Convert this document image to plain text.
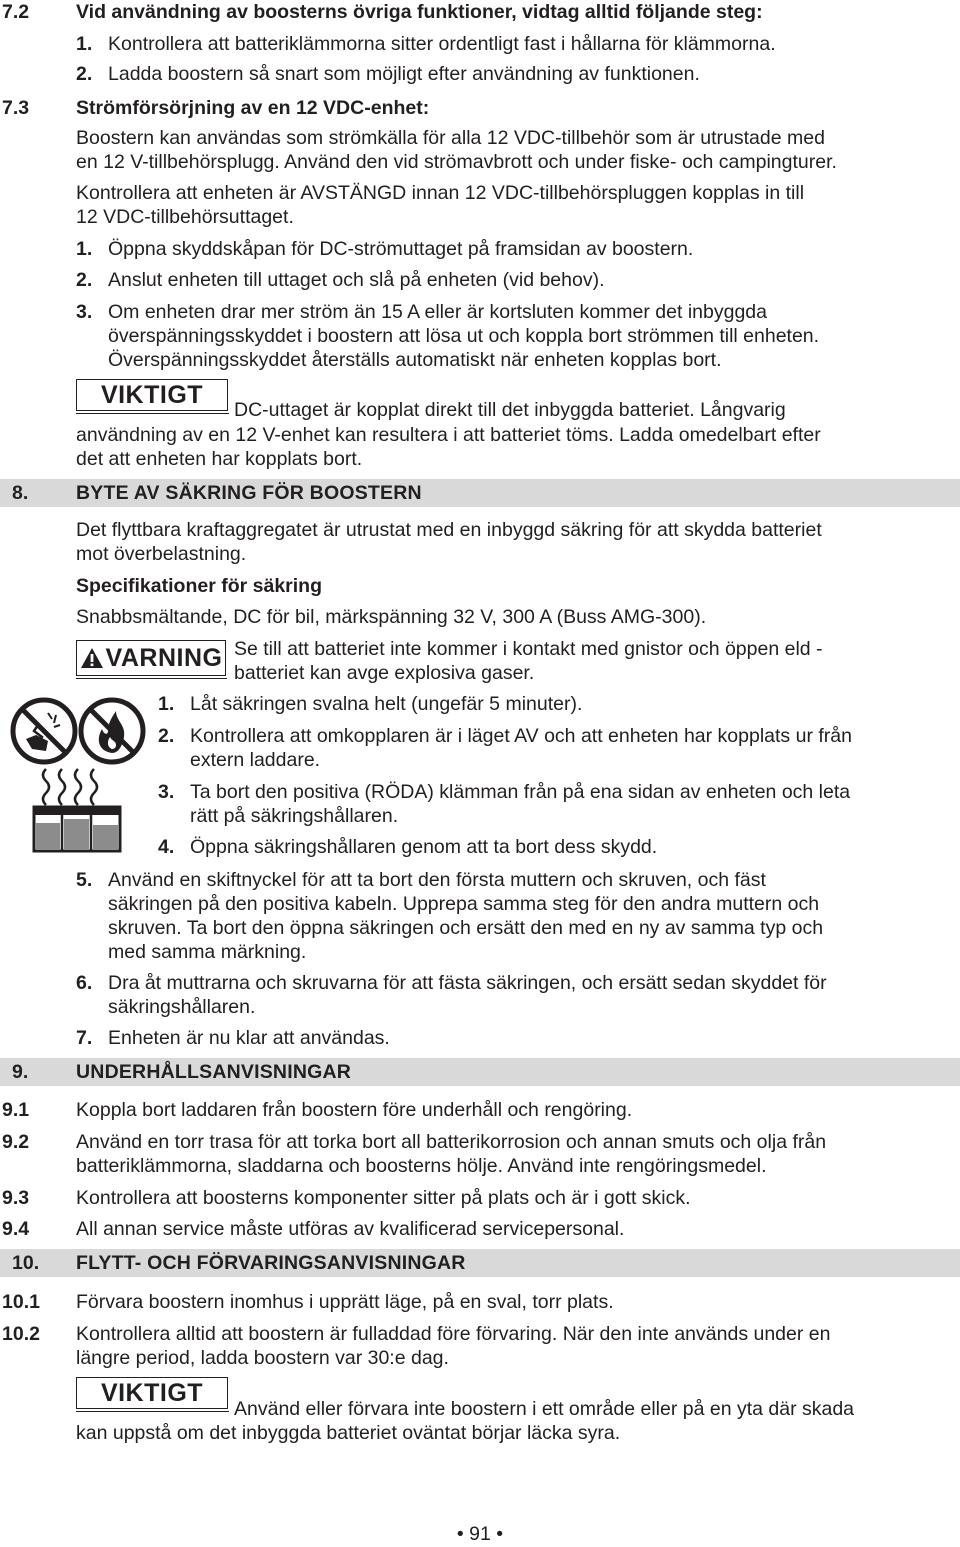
7.2 Vid användning av boosterns övriga funktioner, vidtag alltid följande steg:
1. Kontrollera att batteriklämmorna sitter ordentligt fast i hållarna för klämmorna.
2. Ladda boostern så snart som möjligt efter användning av funktionen.
7.3 Strömförsörjning av en 12 VDC-enhet:
Boostern kan användas som strömkälla för alla 12 VDC-tillbehör som är utrustade med
en 12 V-tillbehörsplugg. Använd den vid strömavbrott och under fiske- och campingturer.
Kontrollera att enheten är AVSTÄNGD innan 12 VDC-tillbehörspluggen kopplas in till
12 VDC-tillbehörsuttaget.
1. Öppna skyddskåpan för DC-strömuttaget på framsidan av boostern.
2. Anslut enheten till uttaget och slå på enheten (vid behov).
3. Om enheten drar mer ström än 15 A eller är kortsluten kommer det inbyggda
överspänningsskyddet i boostern att lösa ut och koppla bort strömmen till enheten.
Överspänningsskyddet återställs automatiskt när enheten kopplas bort.
VIKTIGT
DC-uttaget är kopplat direkt till det inbyggda batteriet. Långvarig
användning av en 12 V-enhet kan resultera i att batteriet töms. Ladda omedelbart efter
det att enheten har kopplats bort.
8. BYTE AV SÄKRING FÖR BOOSTERN
Det flyttbara kraftaggregatet är utrustat med en inbyggd säkring för att skydda batteriet
mot överbelastning.
Specifikationer för säkring
Snabbsmältande, DC för bil, märkspänning 32 V, 300 A (Buss AMG-300).
VARNING Se till att batteriet inte kommer i kontakt med gnistor och öppen eld -
batteriet kan avge explosiva gaser.
1. Låt säkringen svalna helt (ungefär 5 minuter).
2. Kontrollera att omkopplaren är i läget AV och att enheten har kopplats ur från
extern laddare.
3. Ta bort den positiva (RÖDA) klämman från på ena sidan av enheten och leta
rätt på säkringshållaren.
4. Öppna säkringshållaren genom att ta bort dess skydd.
5. Använd en skiftnyckel för att ta bort den första muttern och skruven, och fäst
säkringen på den positiva kabeln. Upprepa samma steg för den andra muttern och
skruven. Ta bort den öppna säkringen och ersätt den med en ny av samma typ och
med samma märkning.
6. Dra åt muttrarna och skruvarna för att fästa säkringen, och ersätt sedan skyddet för
säkringshållaren.
7. Enheten är nu klar att användas.
9. UNDERHÅLLSANVISNINGAR
9.1 Koppla bort laddaren från boostern före underhåll och rengöring.
9.2 Använd en torr trasa för att torka bort all batterikorrosion och annan smuts och olja från
batteriklämmorna, sladdarna och boosterns hölje. Använd inte rengöringsmedel.
9.3 Kontrollera att boosterns komponenter sitter på plats och är i gott skick.
9.4 All annan service måste utföras av kvalificerad servicepersonal.
10. FLYTT- OCH FÖRVARINGSANVISNINGAR
10.1 Förvara boostern inomhus i upprätt läge, på en sval, torr plats.
10.2 Kontrollera alltid att boostern är fulladdad före förvaring. När den inte används under en
längre period, ladda boostern var 30:e dag.
VIKTIGT
Använd eller förvara inte boostern i ett område eller på en yta där skada
kan uppstå om det inbyggda batteriet oväntat börjar läcka syra.
• 91 •
